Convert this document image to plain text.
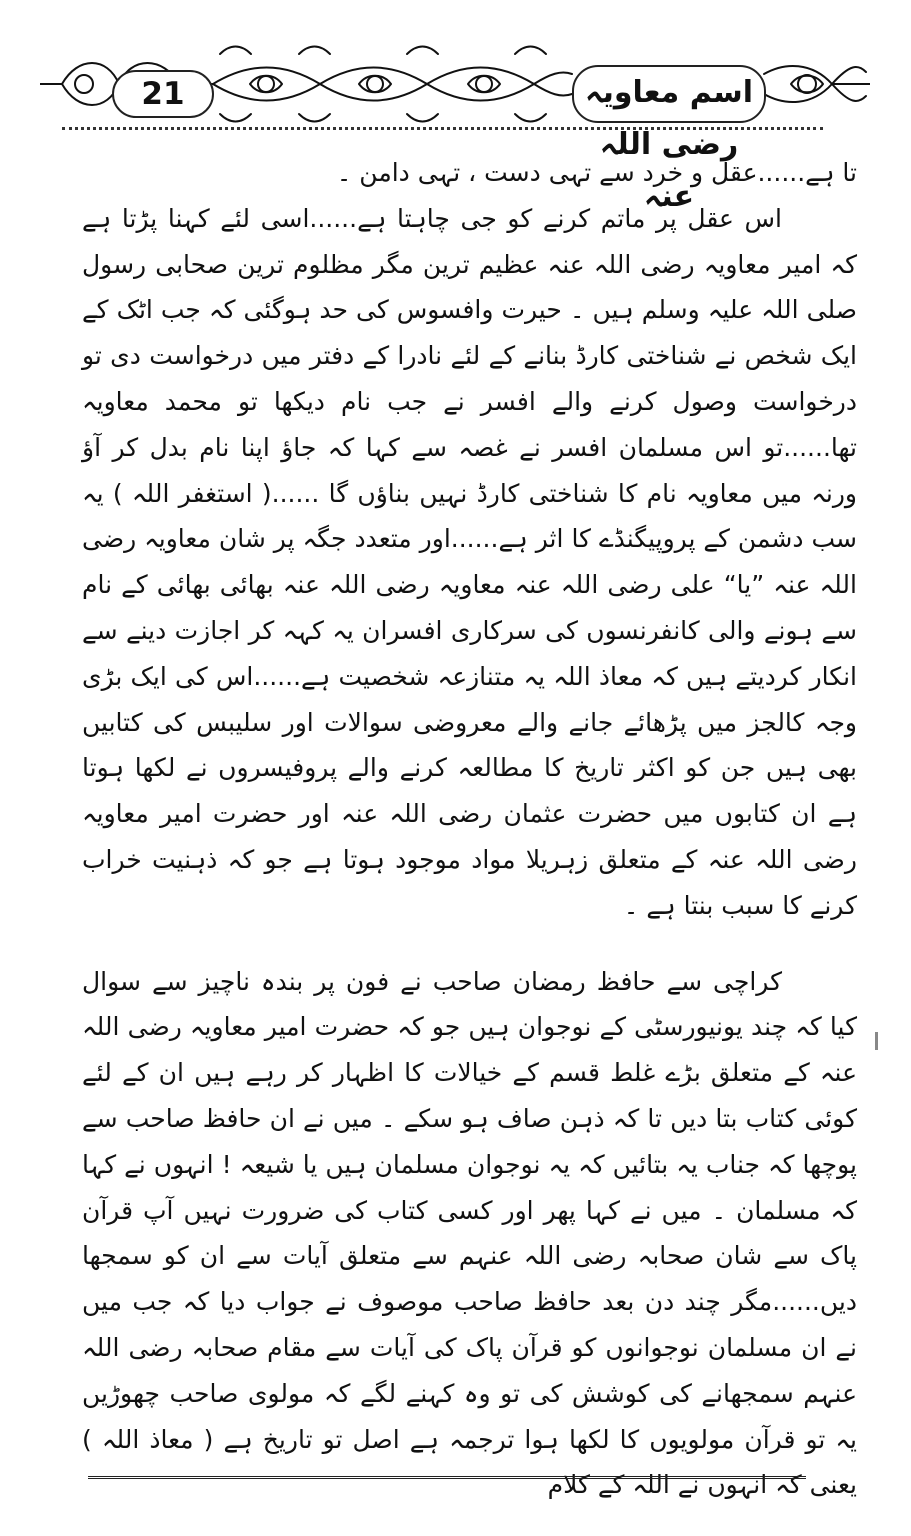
21	اسم معاویہ رضی اللہ عنہ

تا ہے......عقل و خرد سے تہی دست ، تہی دامن ۔

اس عقل پر ماتم کرنے کو جی چاہتا ہے......اسی لئے کہنا پڑتا ہے کہ امیر معاویہ رضی اللہ عنہ عظیم ترین مگر مظلوم ترین صحابی رسول صلی اللہ علیہ وسلم ہیں ۔ حیرت وافسوس کی حد ہوگئی کہ جب اٹک کے ایک شخص نے شناختی کارڈ بنانے کے لئے نادرا کے دفتر میں درخواست دی تو درخواست وصول کرنے والے افسر نے جب نام دیکھا تو محمد معاویہ تھا......تو اس مسلمان افسر نے غصہ سے کہا کہ جاؤ اپنا نام بدل کر آؤ ورنہ میں معاویہ نام کا شناختی کارڈ نہیں بناؤں گا ......( استغفر اللہ ) یہ سب دشمن کے پروپیگنڈے کا اثر ہے......اور متعدد جگہ پر شان معاویہ رضی اللہ عنہ ”یا“ علی رضی اللہ عنہ معاویہ رضی اللہ عنہ بھائی بھائی کے نام سے ہونے والی کانفرنسوں کی سرکاری افسران یہ کہہ کر اجازت دینے سے انکار کردیتے ہیں کہ معاذ اللہ یہ متنازعہ شخصیت ہے......اس کی ایک بڑی وجہ کالجز میں پڑھائے جانے والے معروضی سوالات اور سلیبس کی کتابیں بھی ہیں جن کو اکثر تاریخ کا مطالعہ کرنے والے پروفیسروں نے لکھا ہوتا ہے ان کتابوں میں حضرت عثمان رضی اللہ عنہ اور حضرت امیر معاویہ رضی اللہ عنہ کے متعلق زہریلا مواد موجود ہوتا ہے جو کہ ذہنیت خراب کرنے کا سبب بنتا ہے ۔

کراچی سے حافظ رمضان صاحب نے فون پر بندہ ناچیز سے سوال کیا کہ چند یونیورسٹی کے نوجوان ہیں جو کہ حضرت امیر معاویہ رضی اللہ عنہ کے متعلق بڑے غلط قسم کے خیالات کا اظہار کر رہے ہیں ان کے لئے کوئی کتاب بتا دیں تا کہ ذہن صاف ہو سکے ۔ میں نے ان حافظ صاحب سے پوچھا کہ جناب یہ بتائیں کہ یہ نوجوان مسلمان ہیں یا شیعہ ! انہوں نے کہا کہ مسلمان ۔ میں نے کہا پھر اور کسی کتاب کی ضرورت نہیں آپ قرآن پاک سے شان صحابہ رضی اللہ عنہم سے متعلق آیات سے ان کو سمجھا دیں......مگر چند دن بعد حافظ صاحب موصوف نے جواب دیا کہ جب میں نے ان مسلمان نوجوانوں کو قرآن پاک کی آیات سے مقام صحابہ رضی اللہ عنہم سمجھانے کی کوشش کی تو وہ کہنے لگے کہ مولوی صاحب چھوڑیں یہ تو قرآن مولویوں کا لکھا ہوا ترجمہ ہے اصل تو تاریخ ہے ( معاذ اللہ ) یعنی کہ انہوں نے اللہ کے کلام
